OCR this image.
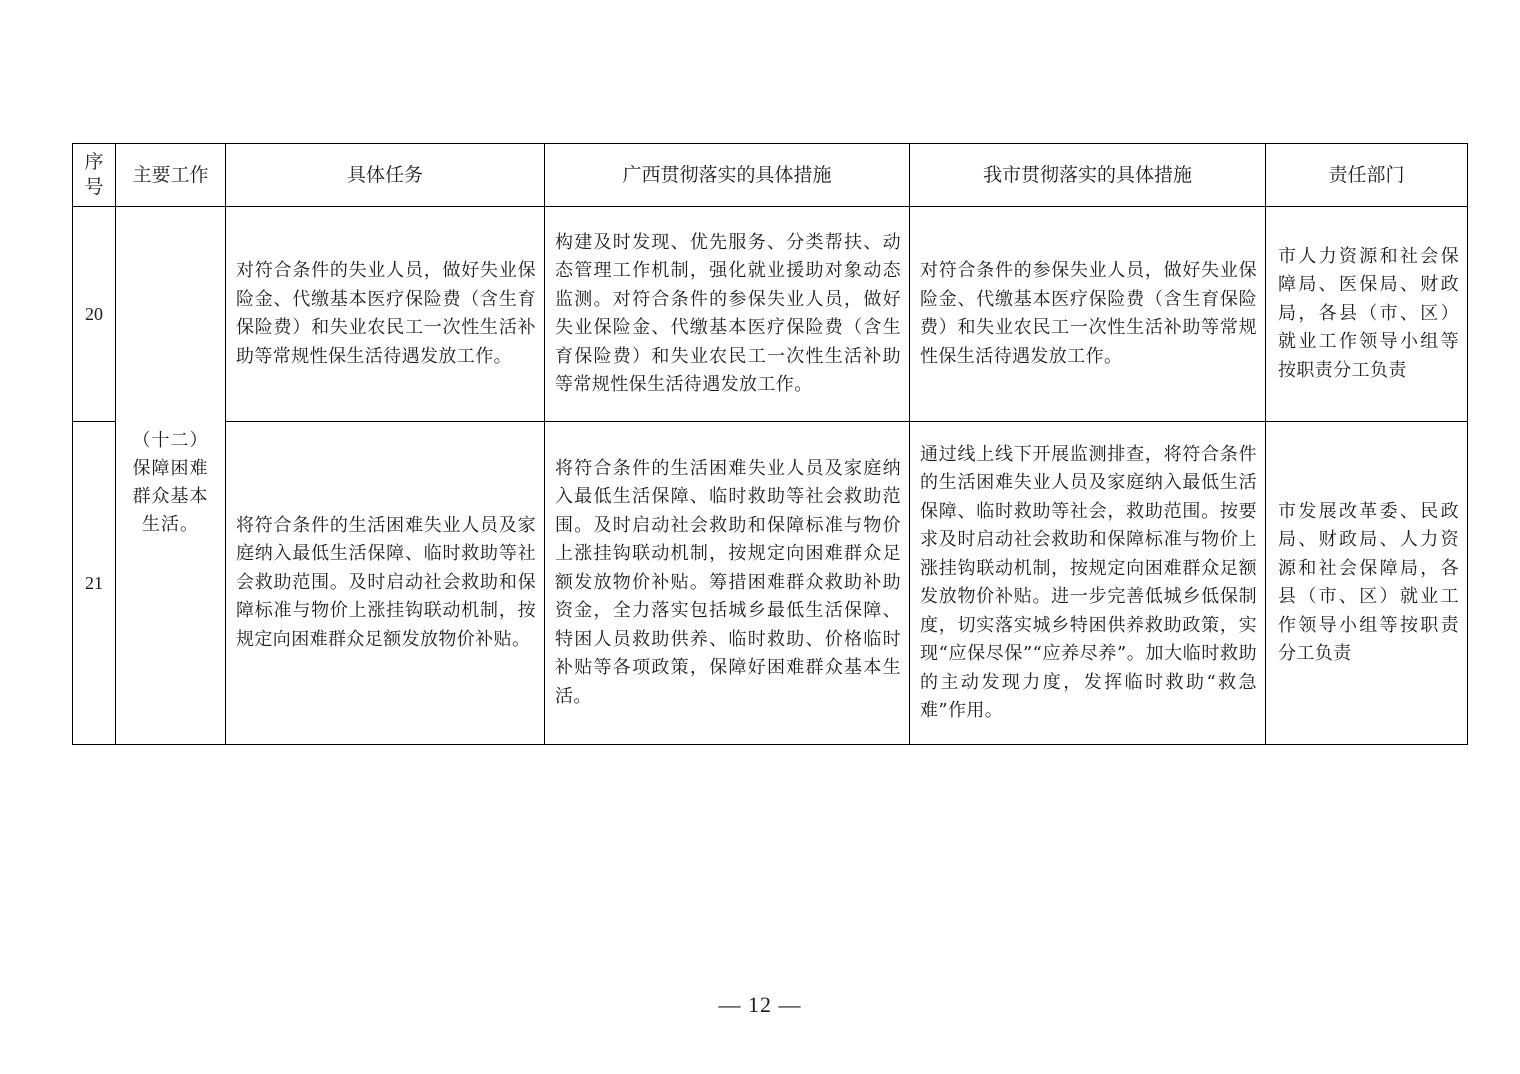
序号	主要工作	具体任务	广西贯彻落实的具体措施	我市贯彻落实的具体措施	责任部门
20	（十二）保障困难群众基本生活。	对符合条件的失业人员，做好失业保险金、代缴基本医疗保险费（含生育保险费）和失业农民工一次性生活补助等常规性保生活待遇发放工作。	构建及时发现、优先服务、分类帮扶、动态管理工作机制，强化就业援助对象动态监测。对符合条件的参保失业人员，做好失业保险金、代缴基本医疗保险费（含生育保险费）和失业农民工一次性生活补助等常规性保生活待遇发放工作。	对符合条件的参保失业人员，做好失业保险金、代缴基本医疗保险费（含生育保险费）和失业农民工一次性生活补助等常规性保生活待遇发放工作。	市人力资源和社会保障局、医保局、财政局，各县（市、区）就业工作领导小组等按职责分工负责

21		将符合条件的生活困难失业人员及家庭纳入最低生活保障、临时救助等社会救助范围。及时启动社会救助和保障标准与物价上涨挂钩联动机制，按规定向困难群众足额发放物价补贴。	将符合条件的生活困难失业人员及家庭纳入最低生活保障、临时救助等社会救助范围。及时启动社会救助和保障标准与物价上涨挂钩联动机制，按规定向困难群众足额发放物价补贴。筹措困难群众救助补助资金，全力落实包括城乡最低生活保障、特困人员救助供养、临时救助、价格临时补贴等各项政策，保障好困难群众基本生活。	通过线上线下开展监测排查，将符合条件的生活困难失业人员及家庭纳入最低生活保障、临时救助等社会，救助范围。按要求及时启动社会救助和保障标准与物价上涨挂钩联动机制，按规定向困难群众足额发放物价补贴。进一步完善低城乡低保制度，切实落实城乡特困供养救助政策，实现“应保尽保”“应养尽养”。加大临时救助的主动发现力度，发挥临时救助“救急难”作用。	市发展改革委、民政局、财政局、人力资源和社会保障局，各县（市、区）就业工作领导小组等按职责分工负责
— 12 —
